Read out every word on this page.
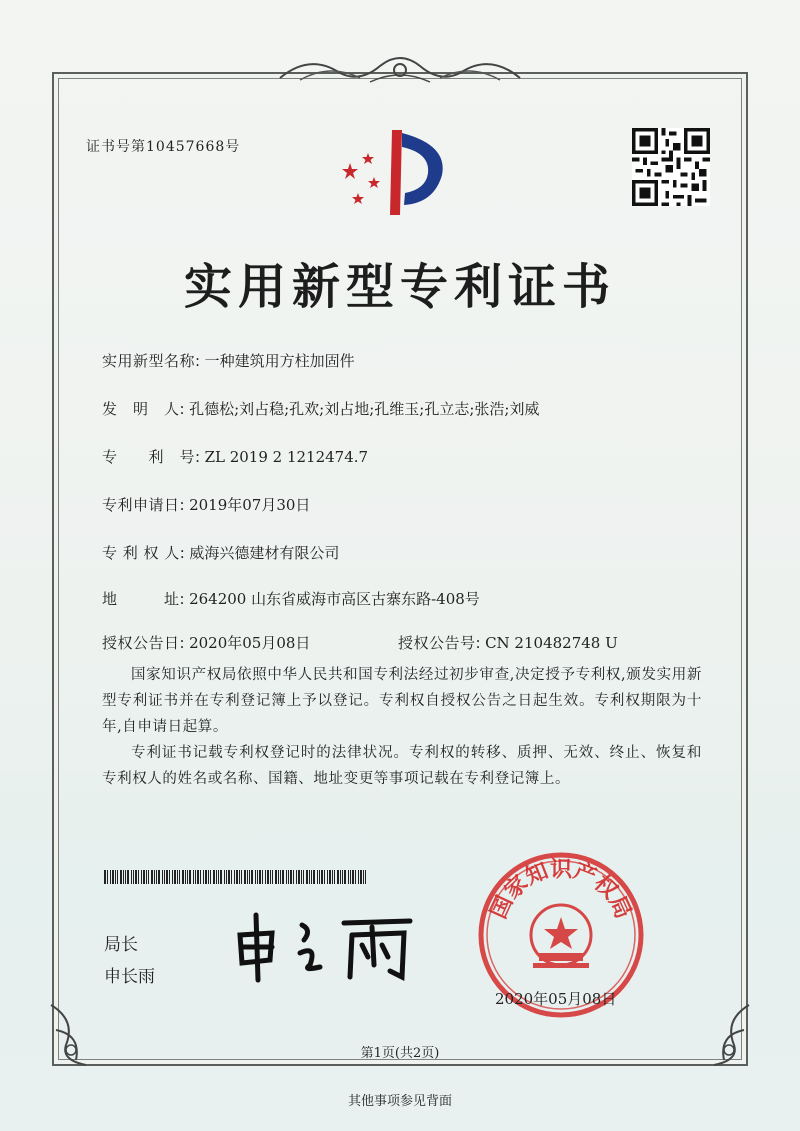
证书号第10457668号
实用新型专利证书
实用新型名称: 一种建筑用方柱加固件
发　明　人: 孔德松;刘占稳;孔欢;刘占地;孔维玉;孔立志;张浩;刘威
专　　利　号: ZL 2019 2 1212474.7
专利申请日: 2019年07月30日
专 利 权 人: 威海兴德建材有限公司
地　　　址: 264200 山东省威海市高区古寨东路-408号
授权公告日: 2020年05月08日	授权公告号: CN 210482748 U
国家知识产权局依照中华人民共和国专利法经过初步审查,决定授予专利权,颁发实用新型专利证书并在专利登记簿上予以登记。专利权自授权公告之日起生效。专利权期限为十年,自申请日起算。
专利证书记载专利权登记时的法律状况。专利权的转移、质押、无效、终止、恢复和专利权人的姓名或名称、国籍、地址变更等事项记载在专利登记簿上。
局长
申长雨
国家知识产权局
2020年05月08日
第1页(共2页)
其他事项参见背面
